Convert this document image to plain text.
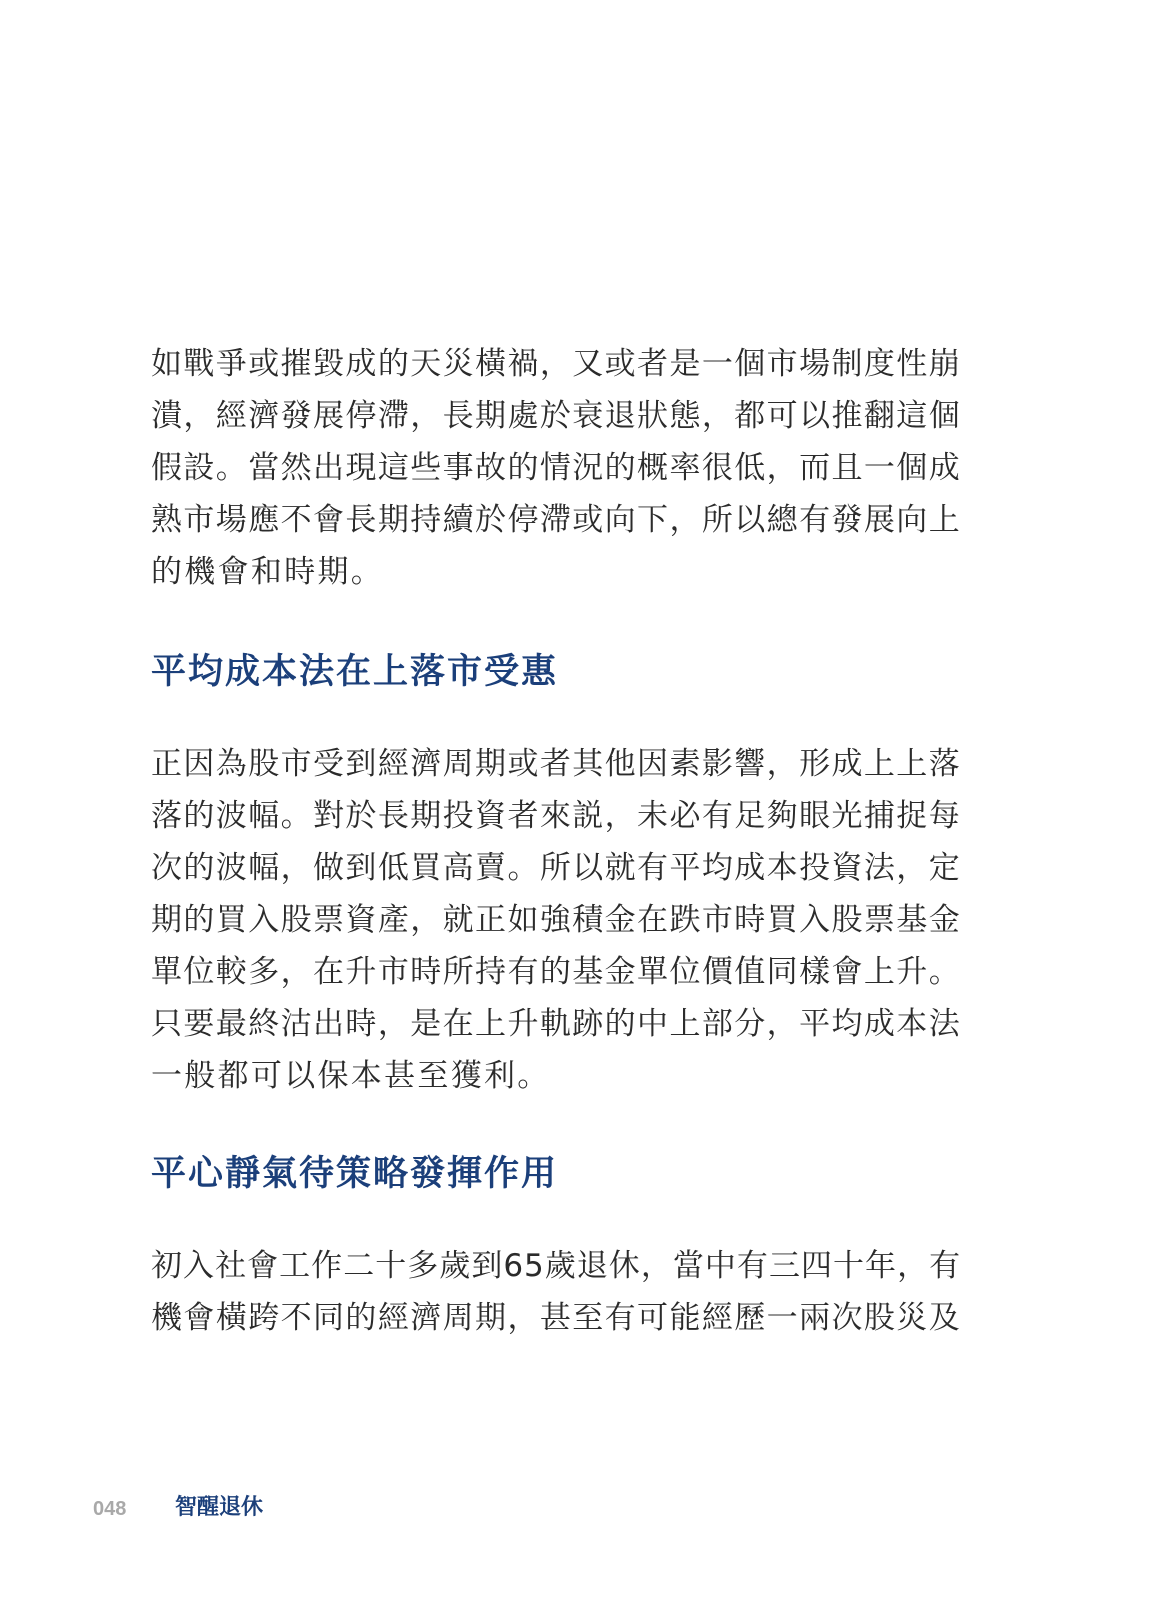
如戰爭或摧毀成的天災橫禍，又或者是一個市場制度性崩
潰，經濟發展停滯，長期處於衰退狀態，都可以推翻這個
假設。當然出現這些事故的情況的概率很低，而且一個成
熟市場應不會長期持續於停滯或向下，所以總有發展向上
的機會和時期。
平均成本法在上落市受惠
正因為股市受到經濟周期或者其他因素影響，形成上上落
落的波幅。對於長期投資者來説，未必有足夠眼光捕捉每
次的波幅，做到低買高賣。所以就有平均成本投資法，定
期的買入股票資產，就正如強積金在跌市時買入股票基金
單位較多，在升市時所持有的基金單位價值同樣會上升。
只要最終沽出時，是在上升軌跡的中上部分，平均成本法
一般都可以保本甚至獲利。
平心靜氣待策略發揮作用
初入社會工作二十多歲到65歲退休，當中有三四十年，有
機會橫跨不同的經濟周期，甚至有可能經歷一兩次股災及
048 智醒退休
